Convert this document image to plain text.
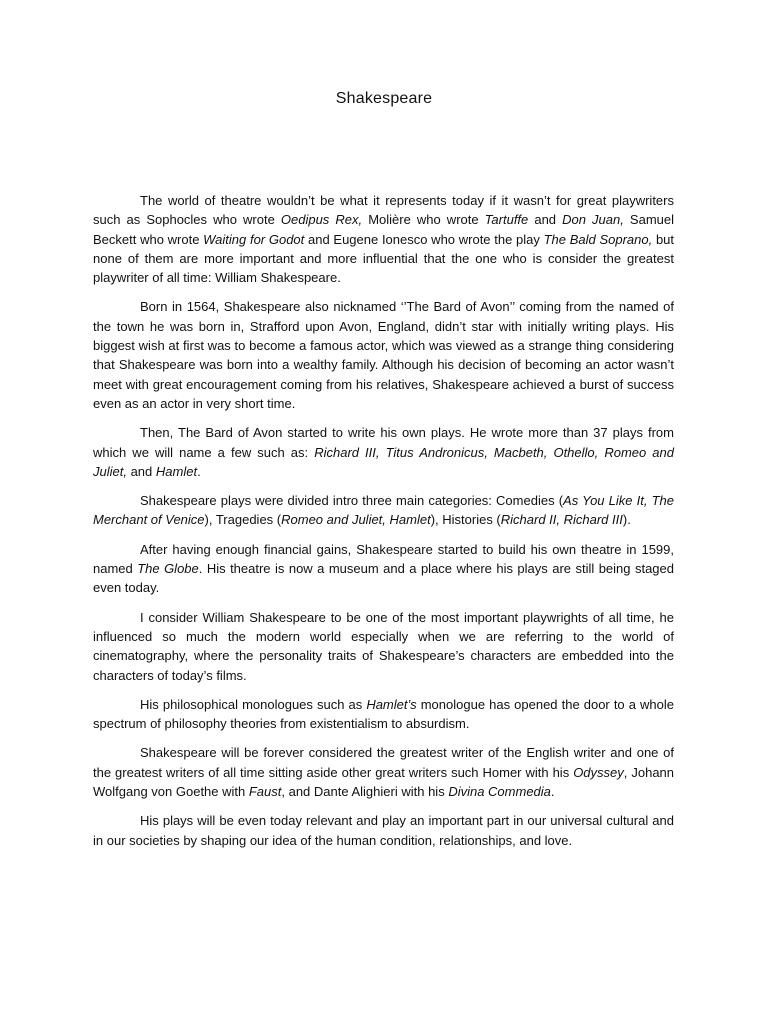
Shakespeare

The world of theatre wouldn’t be what it represents today if it wasn’t for great playwriters such as Sophocles who wrote Oedipus Rex, Molière who wrote Tartuffe and Don Juan, Samuel Beckett who wrote Waiting for Godot and Eugene Ionesco who wrote the play The Bald Soprano, but none of them are more important and more influential that the one who is consider the greatest playwriter of all time: William Shakespeare.

Born in 1564, Shakespeare also nicknamed ‘’The Bard of Avon’’ coming from the named of the town he was born in, Strafford upon Avon, England, didn’t star with initially writing plays. His biggest wish at first was to become a famous actor, which was viewed as a strange thing considering that Shakespeare was born into a wealthy family. Although his decision of becoming an actor wasn’t meet with great encouragement coming from his relatives, Shakespeare achieved a burst of success even as an actor in very short time.

Then, The Bard of Avon started to write his own plays. He wrote more than 37 plays from which we will name a few such as: Richard III, Titus Andronicus, Macbeth, Othello, Romeo and Juliet, and Hamlet.

Shakespeare plays were divided intro three main categories: Comedies (As You Like It, The Merchant of Venice), Tragedies (Romeo and Juliet, Hamlet), Histories (Richard II, Richard III).

After having enough financial gains, Shakespeare started to build his own theatre in 1599, named The Globe. His theatre is now a museum and a place where his plays are still being staged even today.

I consider William Shakespeare to be one of the most important playwrights of all time, he influenced so much the modern world especially when we are referring to the world of cinematography, where the personality traits of Shakespeare’s characters are embedded into the characters of today’s films.

His philosophical monologues such as Hamlet’s monologue has opened the door to a whole spectrum of philosophy theories from existentialism to absurdism.

Shakespeare will be forever considered the greatest writer of the English writer and one of the greatest writers of all time sitting aside other great writers such Homer with his Odyssey, Johann Wolfgang von Goethe with Faust, and Dante Alighieri with his Divina Commedia.

His plays will be even today relevant and play an important part in our universal cultural and in our societies by shaping our idea of the human condition, relationships, and love.
